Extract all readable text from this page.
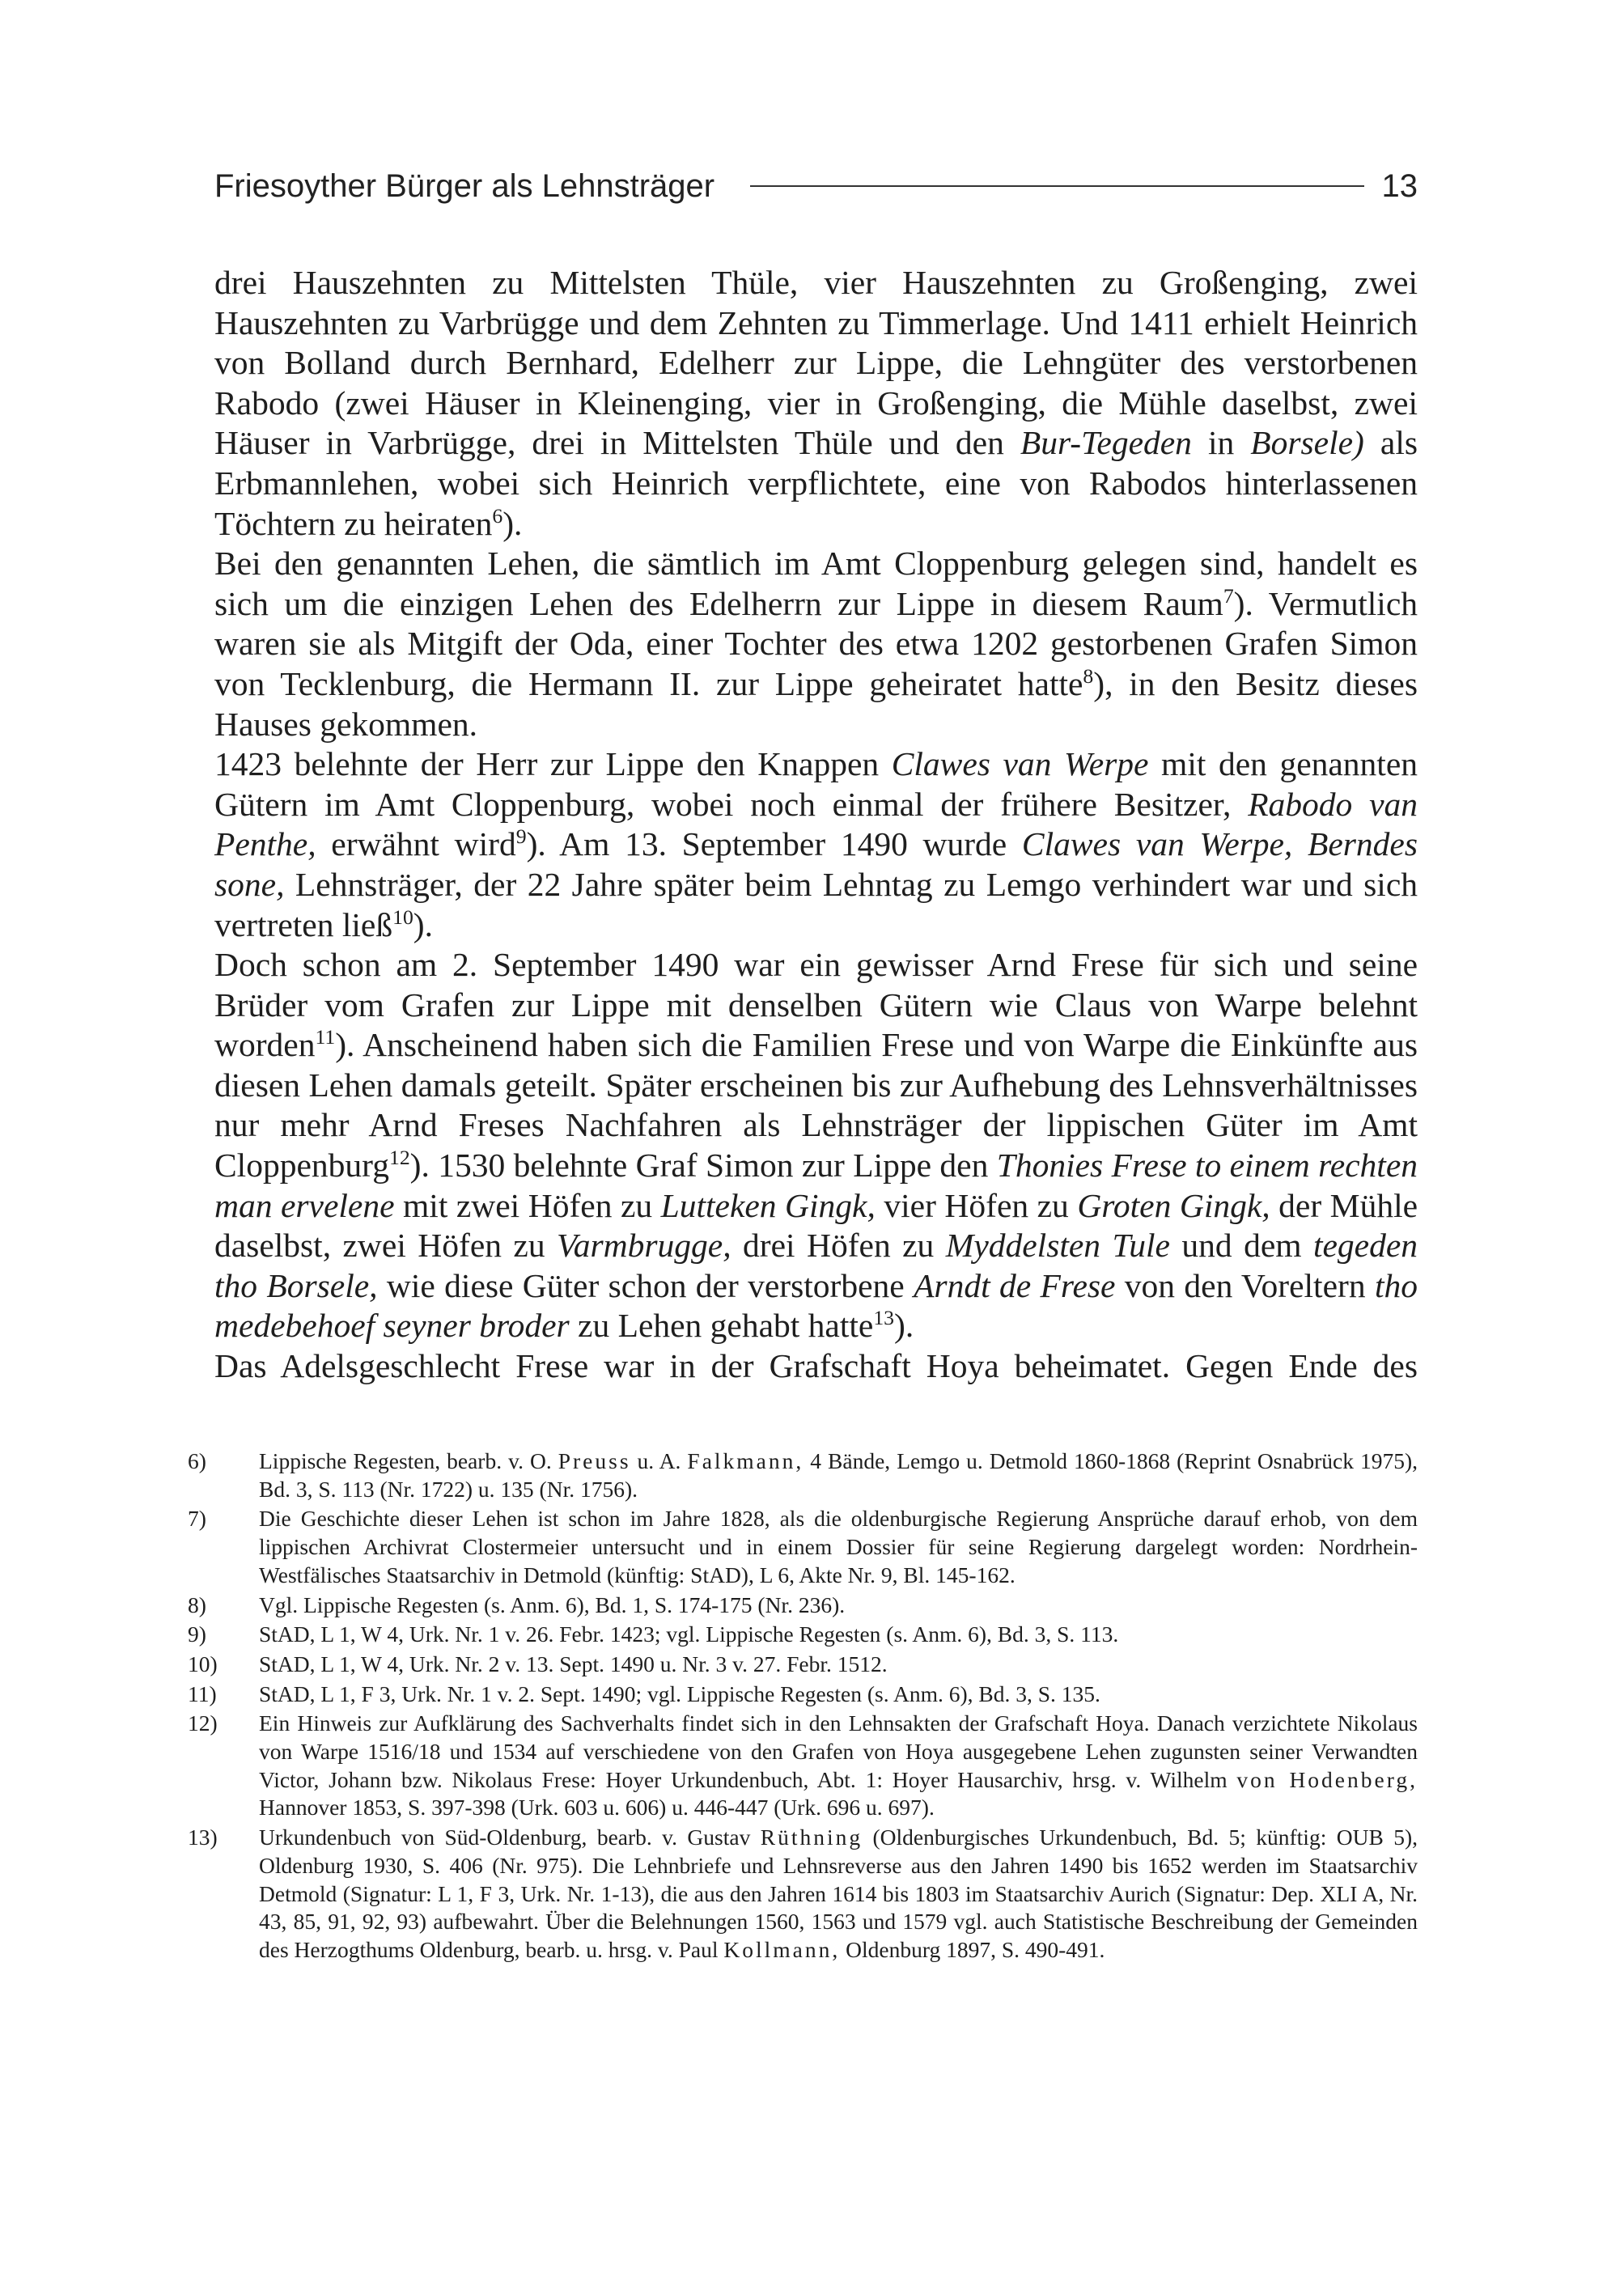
Friesoyther Bürger als Lehnsträger	13

drei Hauszehnten zu Mittelsten Thüle, vier Hauszehnten zu Großenging, zwei Hauszehnten zu Varbrügge und dem Zehnten zu Timmerlage. Und 1411 erhielt Heinrich von Bolland durch Bernhard, Edelherr zur Lippe, die Lehngüter des verstorbenen Rabodo (zwei Häuser in Kleinenging, vier in Großenging, die Mühle daselbst, zwei Häuser in Varbrügge, drei in Mittelsten Thüle und den Bur-Tegeden in Borsele) als Erbmannlehen, wobei sich Heinrich verpflichtete, eine von Rabodos hinterlassenen Töchtern zu heiraten$^6$).

Bei den genannten Lehen, die sämtlich im Amt Cloppenburg gelegen sind, handelt es sich um die einzigen Lehen des Edelherrn zur Lippe in diesem Raum$^7$). Vermutlich waren sie als Mitgift der Oda, einer Tochter des etwa 1202 gestorbenen Grafen Simon von Tecklenburg, die Hermann II. zur Lippe geheiratet hatte$^8$), in den Besitz dieses Hauses gekommen.

1423 belehnte der Herr zur Lippe den Knappen Clawes van Werpe mit den genannten Gütern im Amt Cloppenburg, wobei noch einmal der frühere Besitzer, Rabodo van Penthe, erwähnt wird$^9$). Am 13. September 1490 wurde Clawes van Werpe, Berndes sone, Lehnsträger, der 22 Jahre später beim Lehntag zu Lemgo verhindert war und sich vertreten ließ$^{10}$).

Doch schon am 2. September 1490 war ein gewisser Arnd Frese für sich und seine Brüder vom Grafen zur Lippe mit denselben Gütern wie Claus von Warpe belehnt worden$^{11}$). Anscheinend haben sich die Familien Frese und von Warpe die Einkünfte aus diesen Lehen damals geteilt. Später erscheinen bis zur Aufhebung des Lehnsverhältnisses nur mehr Arnd Freses Nachfahren als Lehnsträger der lippischen Güter im Amt Cloppenburg$^{12}$). 1530 belehnte Graf Simon zur Lippe den Thonies Frese to einem rechten man ervelene mit zwei Höfen zu Lutteken Gingk, vier Höfen zu Groten Gingk, der Mühle daselbst, zwei Höfen zu Varmbrugge, drei Höfen zu Myddelsten Tule und dem tegeden tho Borsele, wie diese Güter schon der verstorbene Arndt de Frese von den Voreltern tho medebehoef seyner broder zu Lehen gehabt hatte$^{13}$).

Das Adelsgeschlecht Frese war in der Grafschaft Hoya beheimatet. Gegen Ende des

6)	Lippische Regesten, bearb. v. O. Preuss u. A. Falkmann, 4 Bände, Lemgo u. Detmold 1860-1868 (Reprint Osnabrück 1975), Bd. 3, S. 113 (Nr. 1722) u. 135 (Nr. 1756).
7)	Die Geschichte dieser Lehen ist schon im Jahre 1828, als die oldenburgische Regierung Ansprüche darauf erhob, von dem lippischen Archivrat Clostermeier untersucht und in einem Dossier für seine Regierung dargelegt worden: Nordrhein-Westfälisches Staatsarchiv in Detmold (künftig: StAD), L 6, Akte Nr. 9, Bl. 145-162.
8)	Vgl. Lippische Regesten (s. Anm. 6), Bd. 1, S. 174-175 (Nr. 236).
9)	StAD, L 1, W 4, Urk. Nr. 1 v. 26. Febr. 1423; vgl. Lippische Regesten (s. Anm. 6), Bd. 3, S. 113.
10)	StAD, L 1, W 4, Urk. Nr. 2 v. 13. Sept. 1490 u. Nr. 3 v. 27. Febr. 1512.
11)	StAD, L 1, F 3, Urk. Nr. 1 v. 2. Sept. 1490; vgl. Lippische Regesten (s. Anm. 6), Bd. 3, S. 135.
12)	Ein Hinweis zur Aufklärung des Sachverhalts findet sich in den Lehnsakten der Grafschaft Hoya. Danach verzichtete Nikolaus von Warpe 1516/18 und 1534 auf verschiedene von den Grafen von Hoya ausgegebene Lehen zugunsten seiner Verwandten Victor, Johann bzw. Nikolaus Frese: Hoyer Urkundenbuch, Abt. 1: Hoyer Hausarchiv, hrsg. v. Wilhelm von Hodenberg, Hannover 1853, S. 397-398 (Urk. 603 u. 606) u. 446-447 (Urk. 696 u. 697).
13)	Urkundenbuch von Süd-Oldenburg, bearb. v. Gustav Rüthning (Oldenburgisches Urkundenbuch, Bd. 5; künftig: OUB 5), Oldenburg 1930, S. 406 (Nr. 975). Die Lehnbriefe und Lehnsreverse aus den Jahren 1490 bis 1652 werden im Staatsarchiv Detmold (Signatur: L 1, F 3, Urk. Nr. 1-13), die aus den Jahren 1614 bis 1803 im Staatsarchiv Aurich (Signatur: Dep. XLI A, Nr. 43, 85, 91, 92, 93) aufbewahrt. Über die Belehnungen 1560, 1563 und 1579 vgl. auch Statistische Beschreibung der Gemeinden des Herzogthums Oldenburg, bearb. u. hrsg. v. Paul Kollmann, Oldenburg 1897, S. 490-491.
